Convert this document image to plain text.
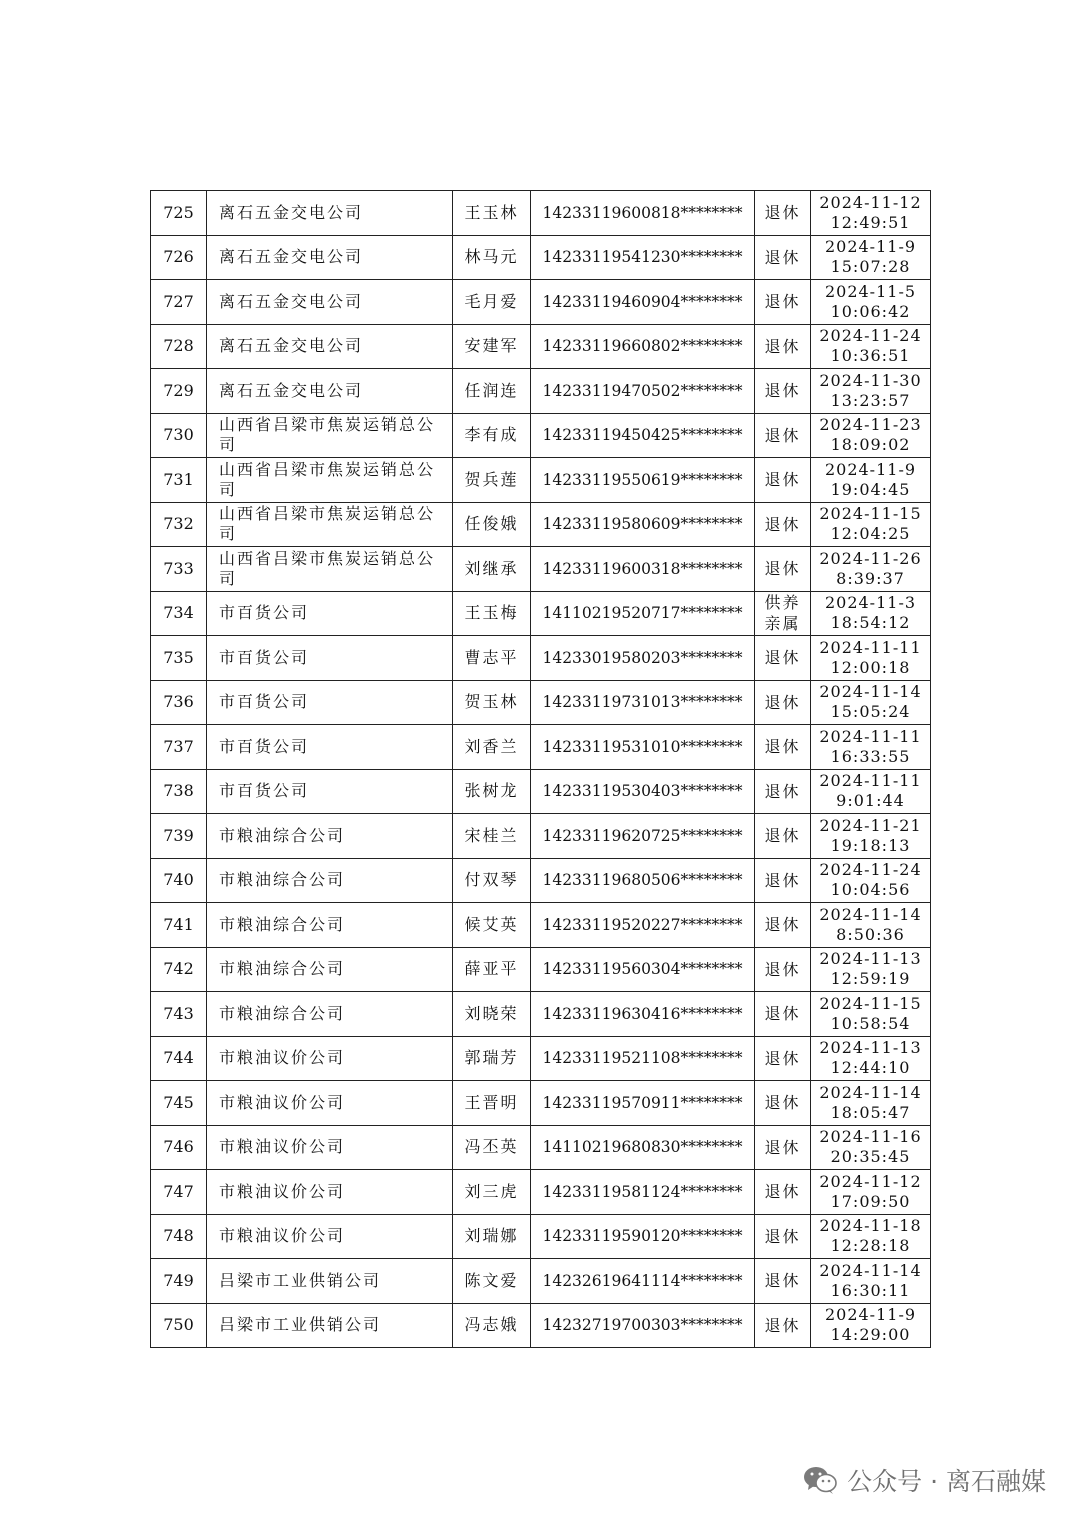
725	离石五金交电公司	王玉林	14233119600818********	退休	2024-11-12
12:49:51

726	离石五金交电公司	林马元	14233119541230********	退休	2024-11-9
15:07:28

727	离石五金交电公司	毛月爱	14233119460904********	退休	2024-11-5
10:06:42

728	离石五金交电公司	安建军	14233119660802********	退休	2024-11-24
10:36:51

729	离石五金交电公司	任润连	14233119470502********	退休	2024-11-30
13:23:57

730	山西省吕梁市焦炭运销总公司	李有成	14233119450425********	退休	2024-11-23
18:09:02

731	山西省吕梁市焦炭运销总公司	贺兵莲	14233119550619********	退休	2024-11-9
19:04:45

732	山西省吕梁市焦炭运销总公司	任俊娥	14233119580609********	退休	2024-11-15
12:04:25

733	山西省吕梁市焦炭运销总公司	刘继承	14233119600318********	退休	2024-11-26
8:39:37

734	市百货公司	王玉梅	14110219520717********	供养亲属	2024-11-3
18:54:12

735	市百货公司	曹志平	14233019580203********	退休	2024-11-11
12:00:18

736	市百货公司	贺玉林	14233119731013********	退休	2024-11-14
15:05:24

737	市百货公司	刘香兰	14233119531010********	退休	2024-11-11
16:33:55

738	市百货公司	张树龙	14233119530403********	退休	2024-11-11
9:01:44

739	市粮油综合公司	宋桂兰	14233119620725********	退休	2024-11-21
19:18:13

740	市粮油综合公司	付双琴	14233119680506********	退休	2024-11-24
10:04:56

741	市粮油综合公司	候艾英	14233119520227********	退休	2024-11-14
8:50:36

742	市粮油综合公司	薛亚平	14233119560304********	退休	2024-11-13
12:59:19

743	市粮油综合公司	刘晓荣	14233119630416********	退休	2024-11-15
10:58:54

744	市粮油议价公司	郭瑞芳	14233119521108********	退休	2024-11-13
12:44:10

745	市粮油议价公司	王晋明	14233119570911********	退休	2024-11-14
18:05:47

746	市粮油议价公司	冯丕英	14110219680830********	退休	2024-11-16
20:35:45

747	市粮油议价公司	刘三虎	14233119581124********	退休	2024-11-12
17:09:50

748	市粮油议价公司	刘瑞娜	14233119590120********	退休	2024-11-18
12:28:18

749	吕梁市工业供销公司	陈文爱	14232619641114********	退休	2024-11-14
16:30:11

750	吕梁市工业供销公司	冯志娥	14232719700303********	退休	2024-11-9
14:29:00
公众号 · 离石融媒
